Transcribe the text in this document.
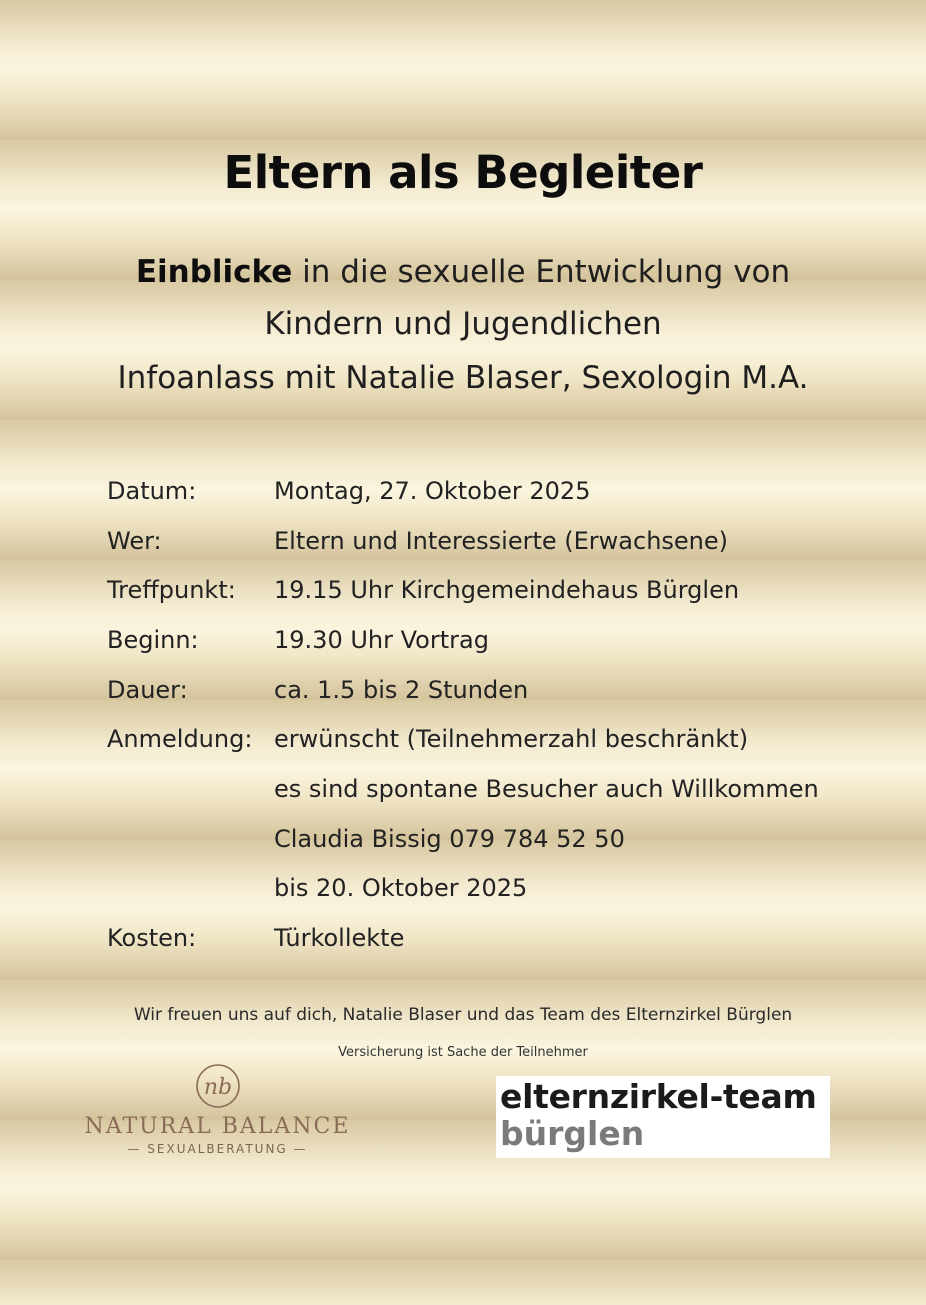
Eltern als Begleiter
Einblicke in die sexuelle Entwicklung von
Kindern und Jugendlichen
Infoanlass mit Natalie Blaser, Sexologin M.A.
Datum:	Montag, 27. Oktober 2025
Wer:	Eltern und Interessierte (Erwachsene)
Treffpunkt:	19.15 Uhr Kirchgemeindehaus Bürglen
Beginn:	19.30 Uhr Vortrag
Dauer:	ca. 1.5 bis 2 Stunden
Anmeldung: erwünscht (Teilnehmerzahl beschränkt)
es sind spontane Besucher auch Willkommen
Claudia Bissig 079 784 52 50
bis 20. Oktober 2025
Kosten:	Türkollekte
Wir freuen uns auf dich, Natalie Blaser und das Team des Elternzirkel Bürglen
Versicherung ist Sache der Teilnehmer
nb
NATURAL BALANCE
— SEXUALBERATUNG —
elternzirkel-team
bürglen
